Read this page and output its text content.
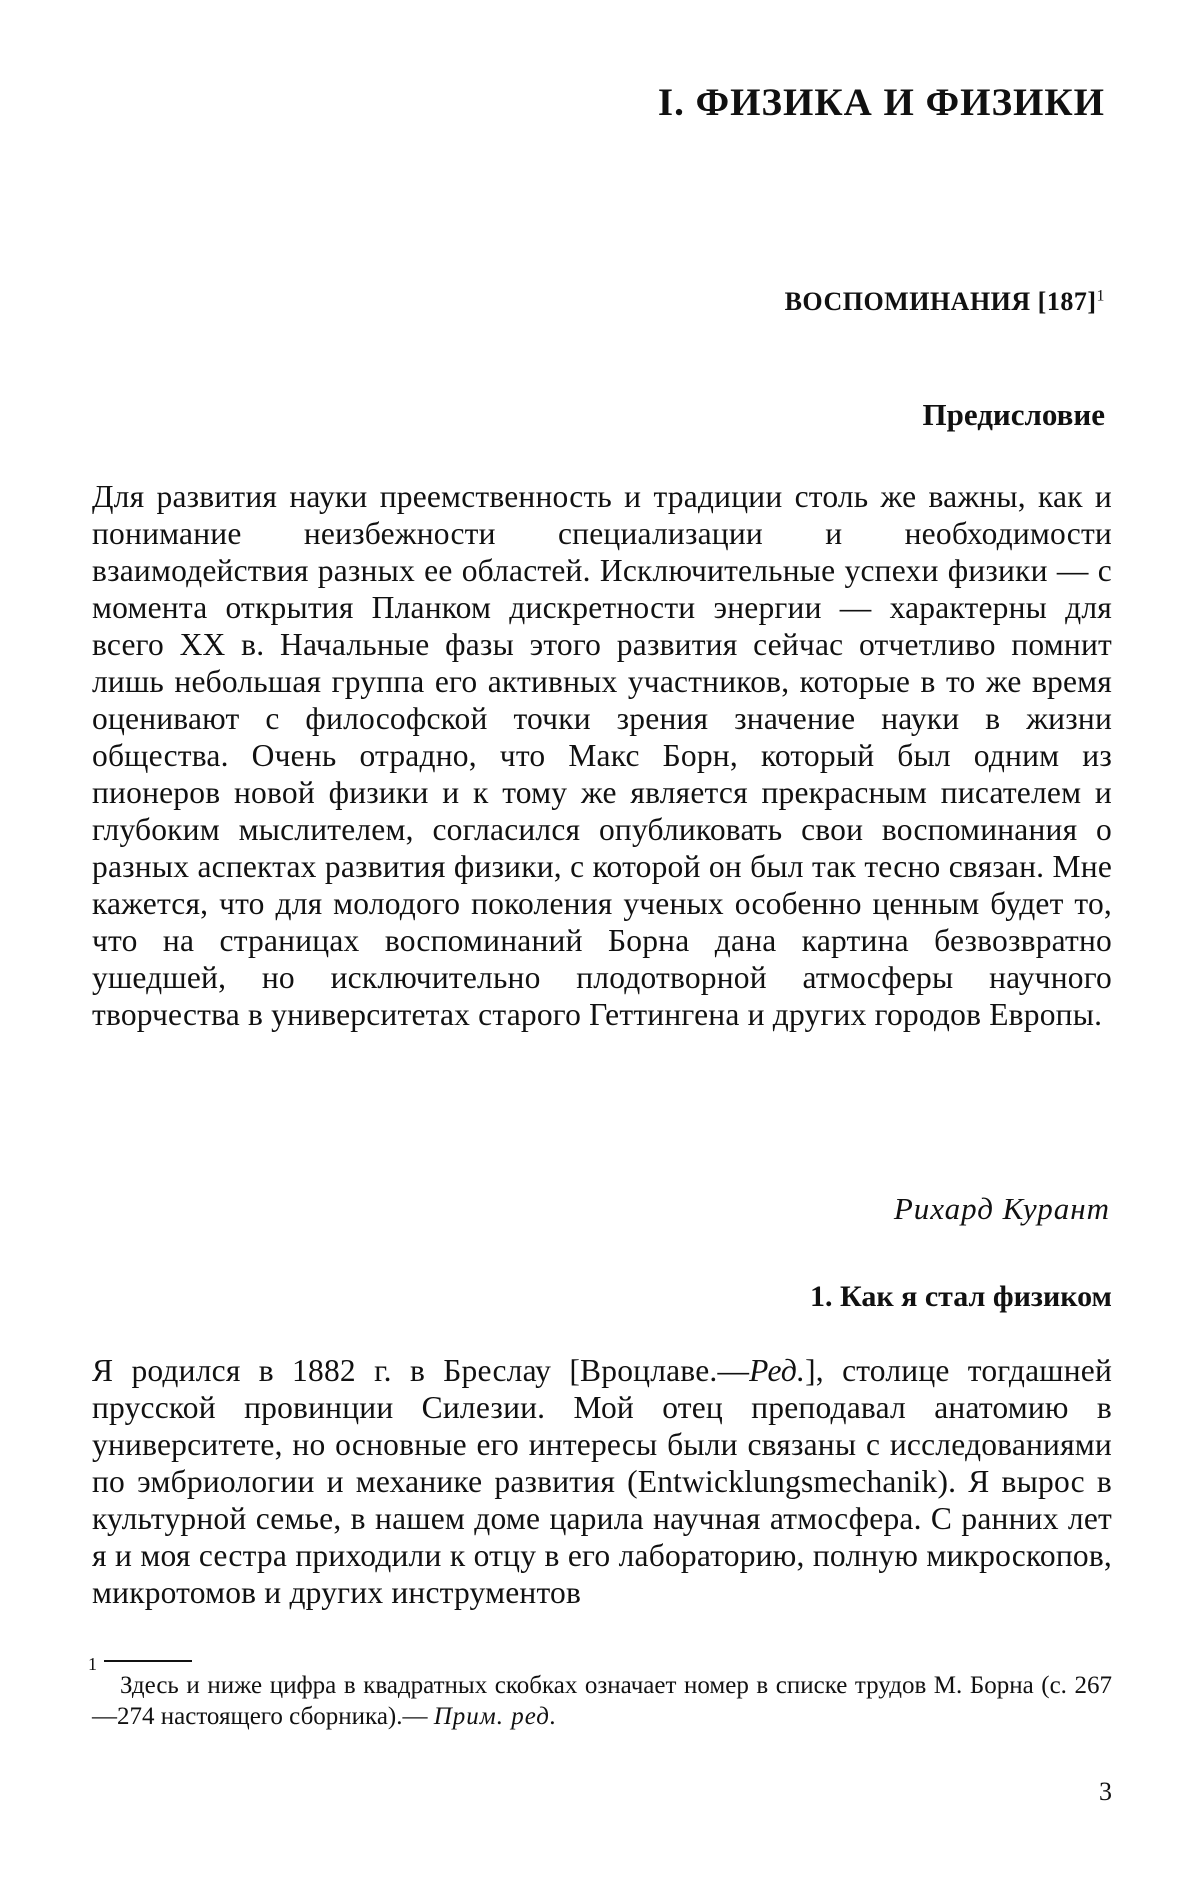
I. ФИЗИКА И ФИЗИКИ
ВОСПОМИНАНИЯ $[187]^1$
Предисловие

Для развития науки преемственность и традиции столь же важны, как и понимание неизбежности специализации и необходимости взаимодействия разных ее областей. Исключительные успехи физики — с момента открытия Планком дискретности энергии — характерны для всего XX в. Начальные фазы этого развития сейчас отчетливо помнит лишь небольшая группа его активных участников, которые в то же время оценивают с философской точки зрения значение науки в жизни общества. Очень отрадно, что Макс Борн, который был одним из пионеров новой физики и к тому же является прекрасным писателем и глубоким мыслителем, согласился опубликовать свои воспоминания о разных аспектах развития физики, с которой он был так тесно связан. Мне кажется, что для молодого поколения ученых особенно ценным будет то, что на страницах воспоминаний Борна дана картина безвозвратно ушедшей, но исключительно плодотворной атмосферы научного творчества в университетах старого Геттингена и других городов Европы.

Рихард Курант
1. Как я стал физиком

Я родился в 1882 г. в Бреслау [Вроцлаве.—Ред.], столице тогдашней прусской провинции Силезии. Мой отец преподавал анатомию в университете, но основные его интересы были связаны с исследованиями по эмбриологии и механике развития (Entwicklungsmechanik). Я вырос в культурной семье, в нашем доме царила научная атмосфера. С ранних лет я и моя сестра приходили к отцу в его лабораторию, полную микроскопов, микротомов и других инструментов

1

Здесь и ниже цифра в квадратных скобках означает номер в списке трудов М. Борна (с. 267—274 настоящего сборника).— Прим. ред.

3
